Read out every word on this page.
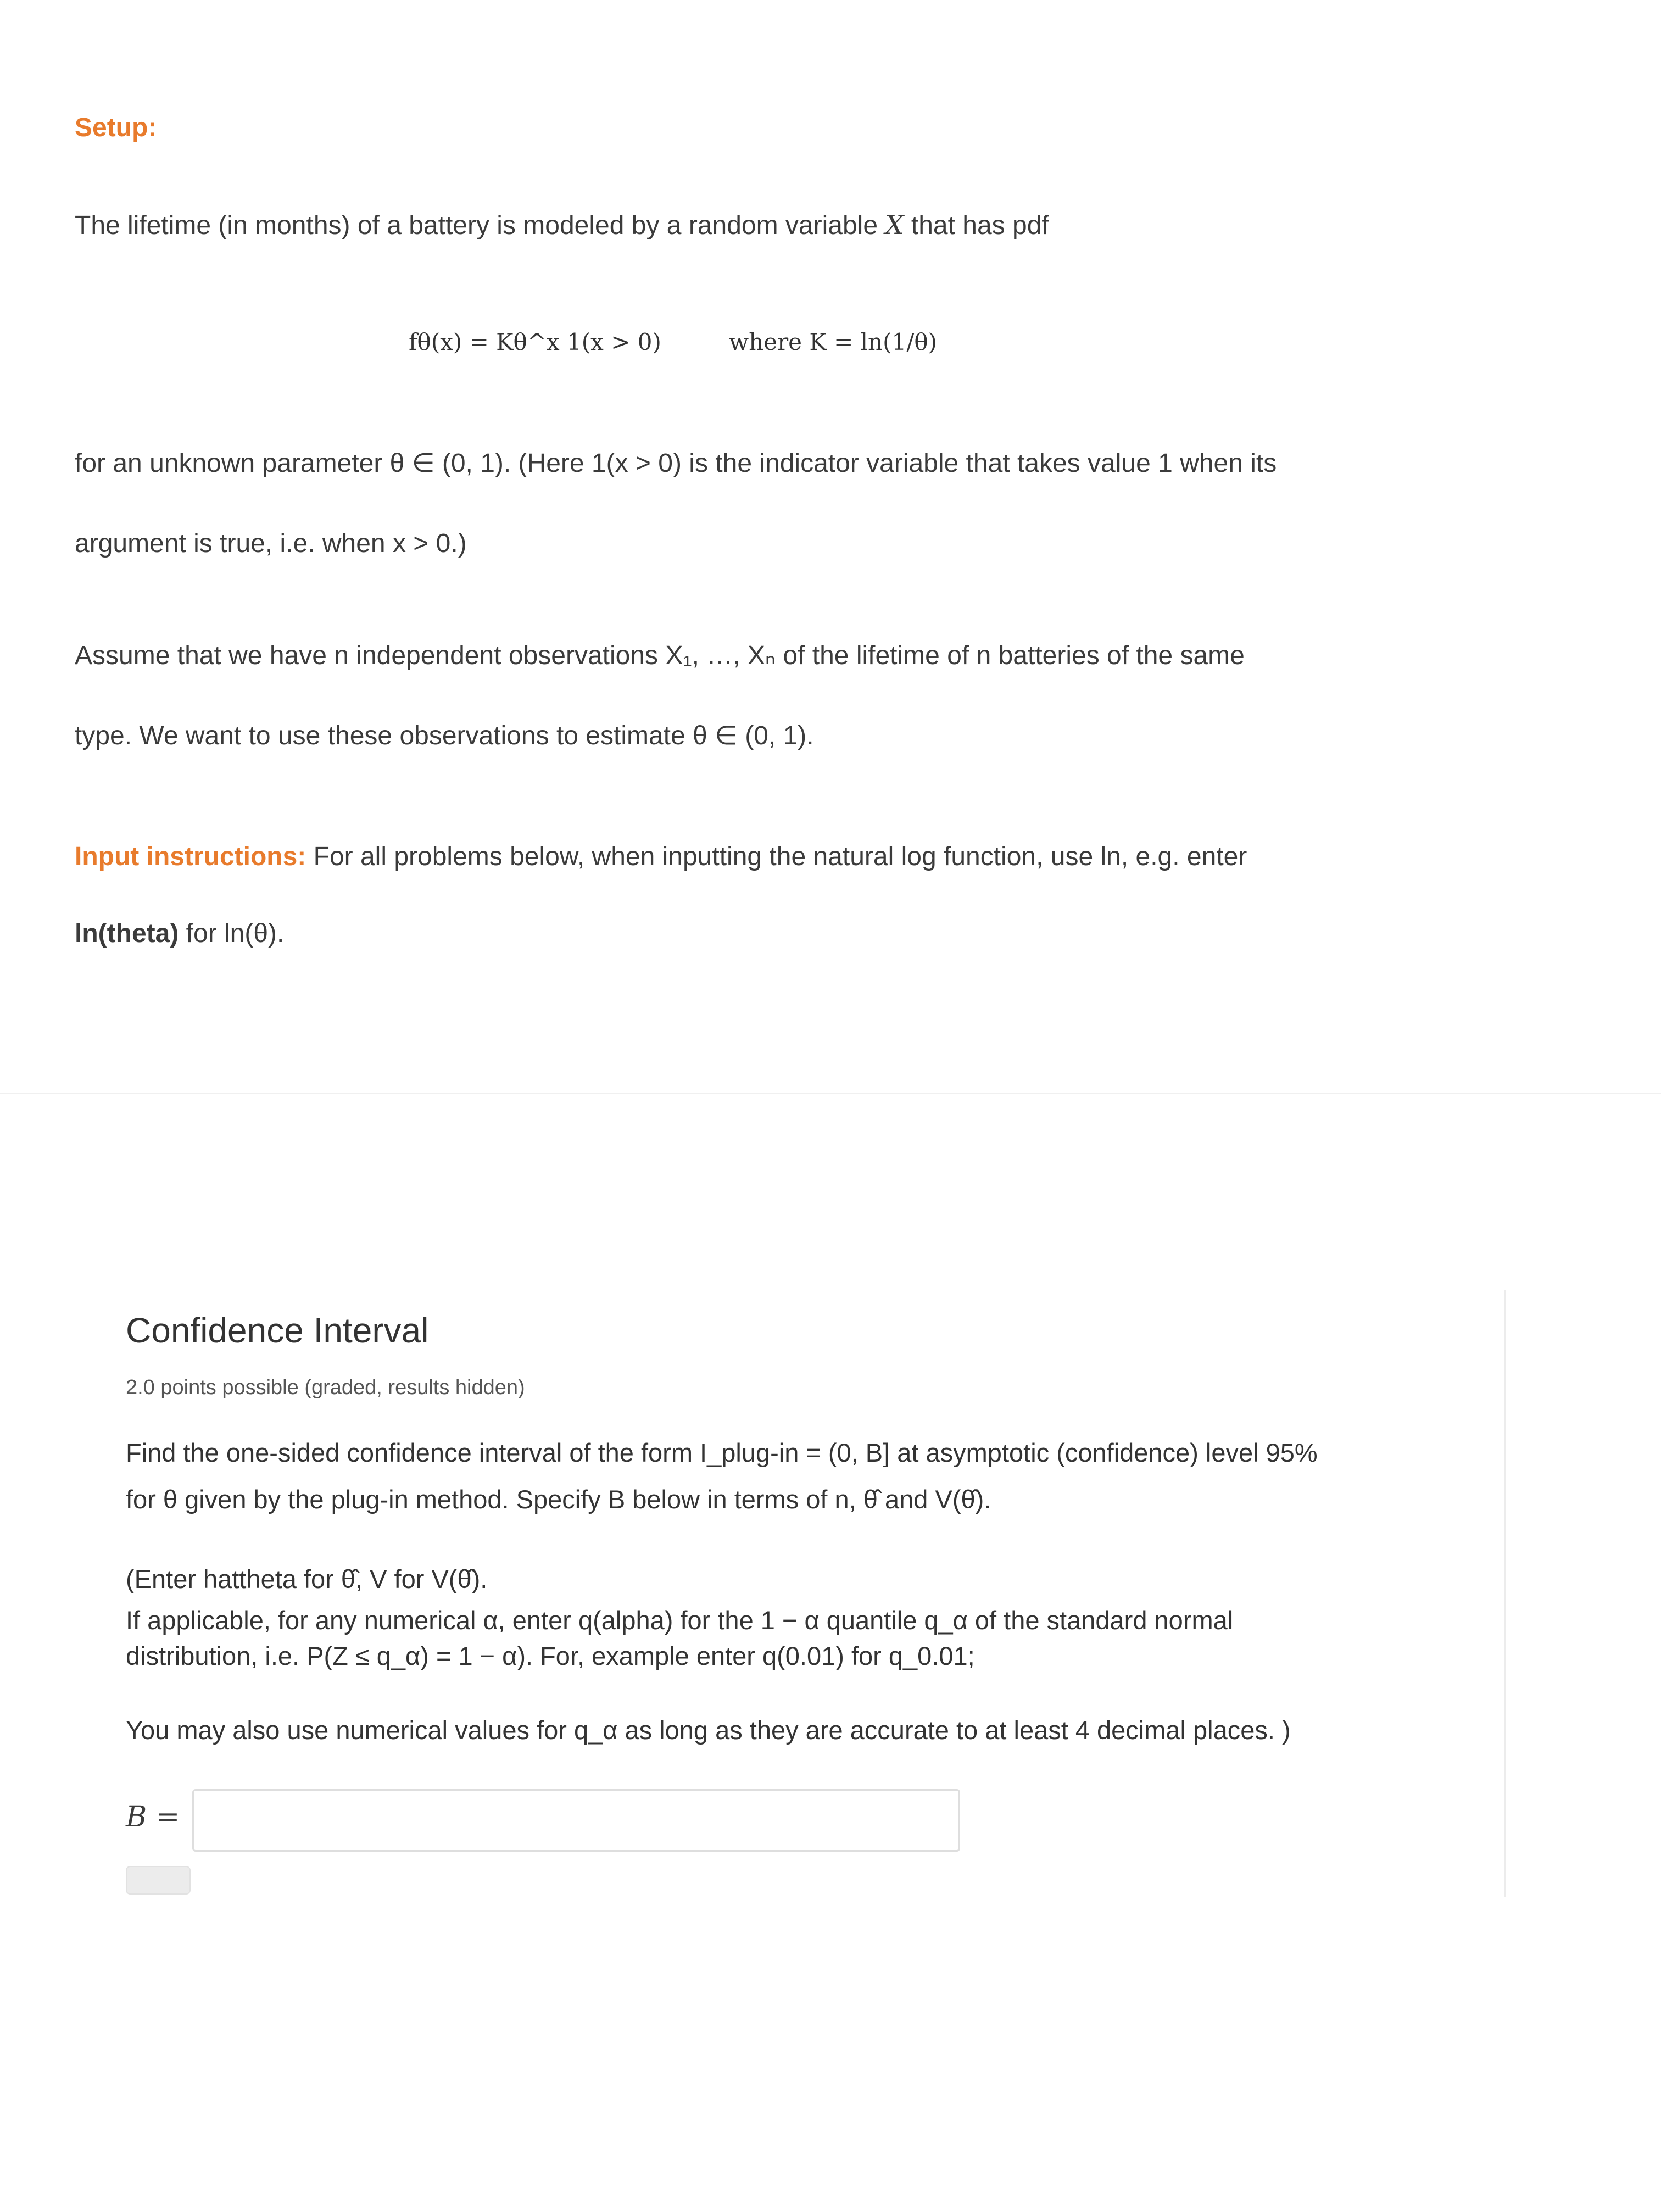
Setup:
The lifetime (in months) of a battery is modeled by a random variable X that has pdf
fθ(x) = Kθ^x 1(x > 0)	where K = ln(1/θ)
for an unknown parameter θ ∈ (0, 1). (Here 1(x > 0) is the indicator variable that takes value 1 when its
argument is true, i.e. when x > 0.)
Assume that we have n independent observations X₁, …, Xₙ of the lifetime of n batteries of the same
type. We want to use these observations to estimate θ ∈ (0, 1).
Input instructions: For all problems below, when inputting the natural log function, use ln, e.g. enter
ln(theta) for ln(θ).
Confidence Interval
2.0 points possible (graded, results hidden)
Find the one-sided confidence interval of the form I_plug-in = (0, B] at asymptotic (confidence) level 95%
for θ given by the plug-in method. Specify B below in terms of n, θ̂ and V(θ̂).
(Enter hattheta for θ̂, V for V(θ̂).
If applicable, for any numerical α, enter q(alpha) for the 1 − α quantile q_α of the standard normal
distribution, i.e. P(Z ≤ q_α) = 1 − α). For, example enter q(0.01) for q_0.01;
You may also use numerical values for q_α as long as they are accurate to at least 4 decimal places. )
B =
